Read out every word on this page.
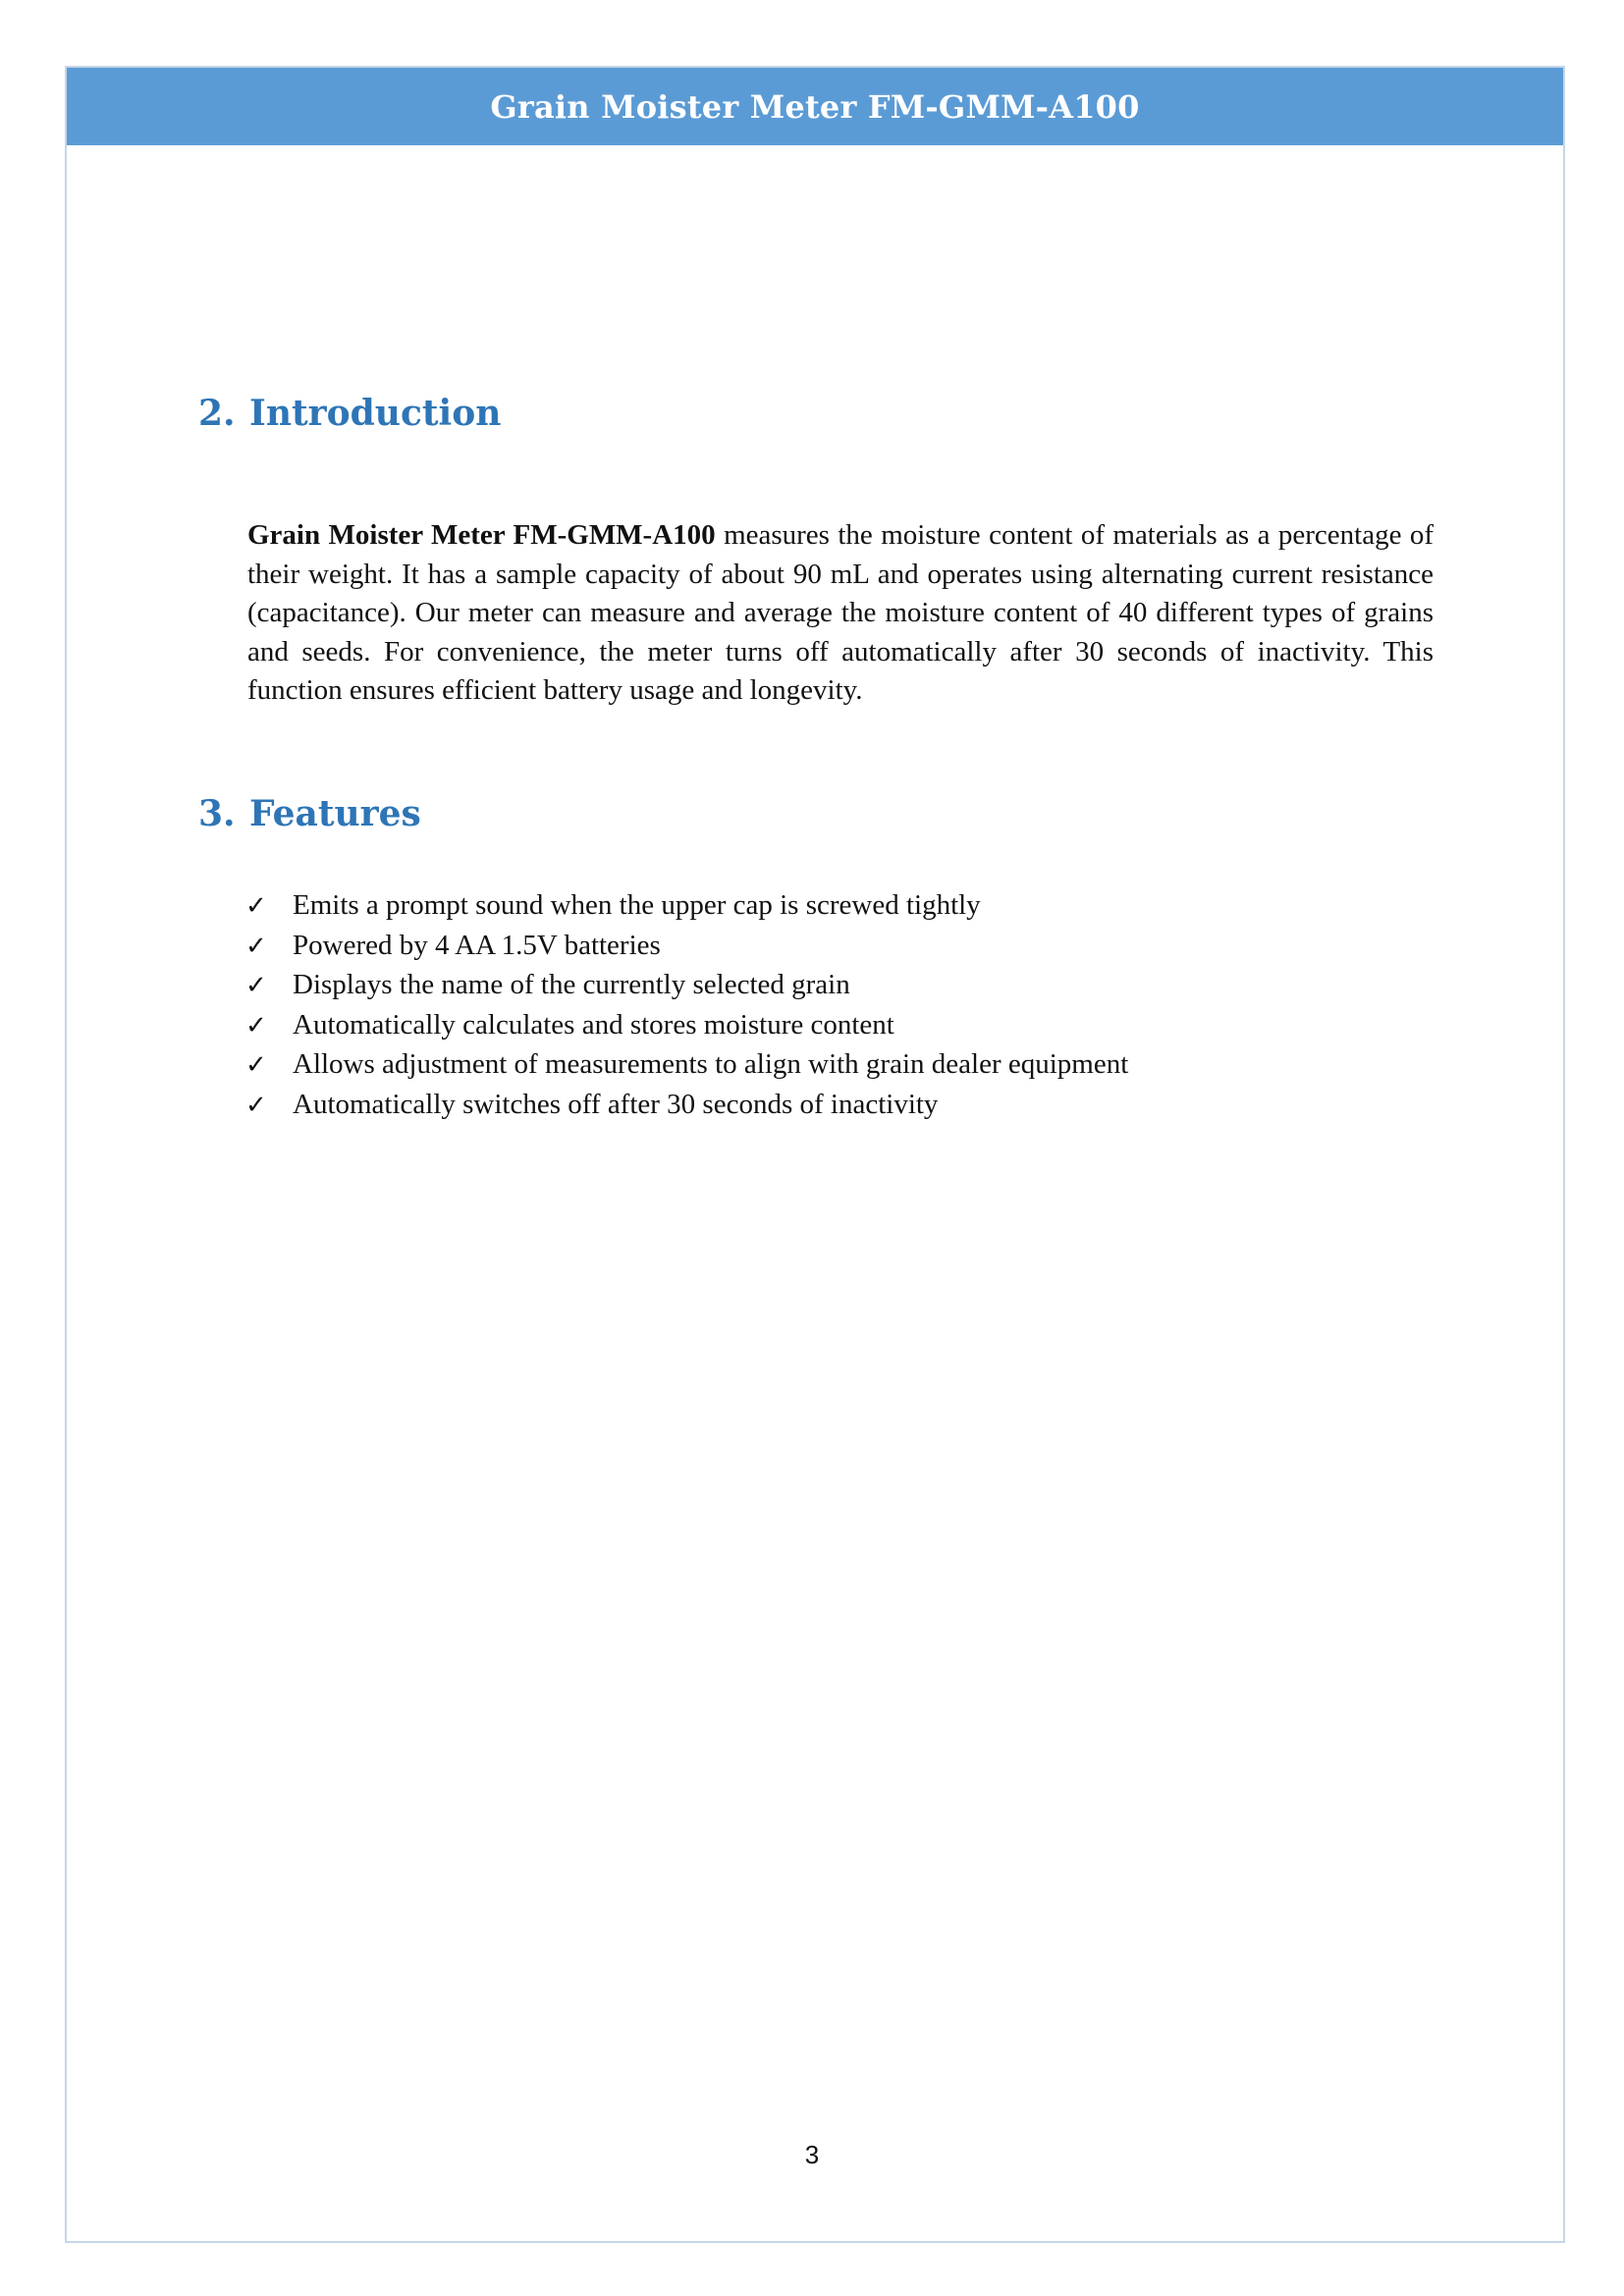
Grain Moister Meter FM-GMM-A100
2. Introduction

Grain Moister Meter FM-GMM-A100 measures the moisture content of materials as a percentage of their weight. It has a sample capacity of about 90 mL and operates using alternating current resistance (capacitance). Our meter can measure and average the moisture content of 40 different types of grains and seeds. For convenience, the meter turns off automatically after 30 seconds of inactivity. This function ensures efficient battery usage and longevity.

3. Features
✓ Emits a prompt sound when the upper cap is screwed tightly
✓ Powered by 4 AA 1.5V batteries
✓ Displays the name of the currently selected grain
✓ Automatically calculates and stores moisture content
✓ Allows adjustment of measurements to align with grain dealer equipment
✓ Automatically switches off after 30 seconds of inactivity
3
